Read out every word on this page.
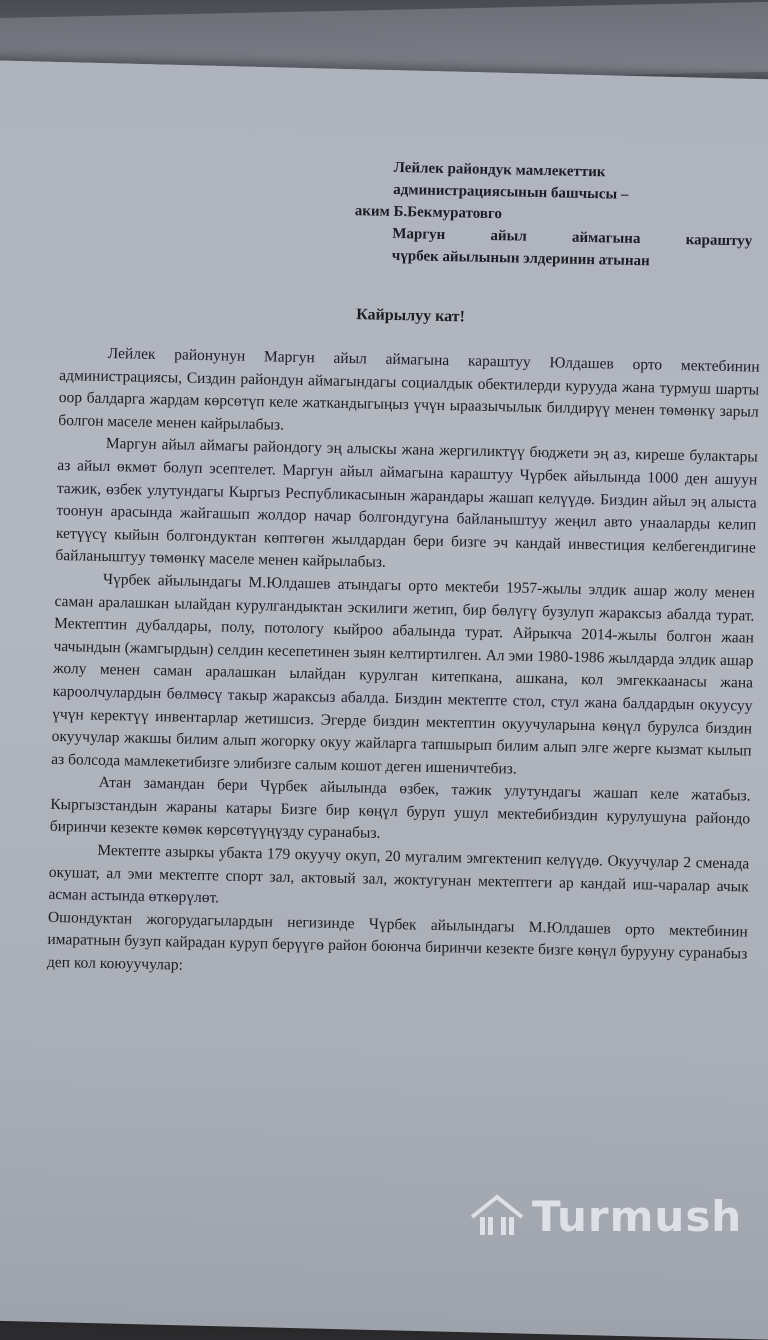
Лейлек райондук мамлекеттик
администрациясынын башчысы –
аким Б.Бекмуратовго
Маргун айыл аймагына караштуу
чүрбек айылынын элдеринин атынан
Кайрылуу кат!

Лейлек районунун Маргун айыл аймагына караштуу Юлдашев орто мектебинин администрациясы, Сиздин райондун аймагындагы социалдык обектилерди курууда жана турмуш шарты оор балдарга жардам көрсөтүп келе жаткандыгыңыз үчүн ыраазычылык билдирүү менен төмөнкү зарыл болгон маселе менен кайрылабыз.

Маргун айыл аймагы райондогу эң алыскы жана жергиликтүү бюджети эң аз, киреше булактары аз айыл өкмөт болуп эсептелет. Маргун айыл аймагына караштуу Чүрбек айылында 1000 ден ашуун тажик, өзбек улутундагы Кыргыз Республикасынын жарандары жашап келүүдө. Биздин айыл эң алыста тоонун арасында жайгашып жолдор начар болгондугуна байланыштуу жеңил авто унааларды келип кетүүсү кыйын болгондуктан көптөгөн жылдардан бери бизге эч кандай инвестиция келбегендигине байланыштуу төмөнкү маселе менен кайрылабыз.

Чүрбек айылындагы М.Юлдашев атындагы орто мектеби 1957-жылы элдик ашар жолу менен саман аралашкан ылайдан курулгандыктан эскилиги жетип, бир бөлүгү бузулуп жараксыз абалда турат. Мектептин дубалдары, полу, потологу кыйроо абалында турат. Айрыкча 2014-жылы болгон жаан чачындын (жамгырдын) селдин кесепетинен зыян келтиртилген. Ал эми 1980-1986 жылдарда элдик ашар жолу менен саман аралашкан ылайдан курулган китепкана, ашкана, кол эмгеккаанасы жана кароолчулардын бөлмөсү такыр жараксыз абалда. Биздин мектепте стол, стул жана балдардын окуусуу үчүн керектүү инвентарлар жетишсиз. Эгерде биздин мектептин окуучуларына көңүл бурулса биздин окуучулар жакшы билим алып жогорку окуу жайларга тапшырып билим алып элге жерге кызмат кылып аз болсода мамлекетибизге элибизге салым кошот деген ишеничтебиз.

Атан замандан бери Чүрбек айылында өзбек, тажик улутундагы жашап келе жатабыз. Кыргызстандын жараны катары Бизге бир көңүл буруп ушул мектебибиздин курулушуна райондо биринчи кезекте көмөк көрсөтүүңүзду суранабыз.

Мектепте азыркы убакта 179 окуучу окуп, 20 мугалим эмгектенип келүүдө. Окуучулар 2 сменада окушат, ал эми мектепте спорт зал, актовый зал, жоктугунан мектептеги ар кандай иш-чаралар ачык асман астында өткөрүлөт.

Ошондуктан жогорудагылардын негизинде Чүрбек айылындагы М.Юлдашев орто мектебинин имаратнын бузуп кайрадан куруп берүүгө район боюнча биринчи кезекте бизге көңүл бурууну суранабыз деп кол коюуучулар:

Turmush
